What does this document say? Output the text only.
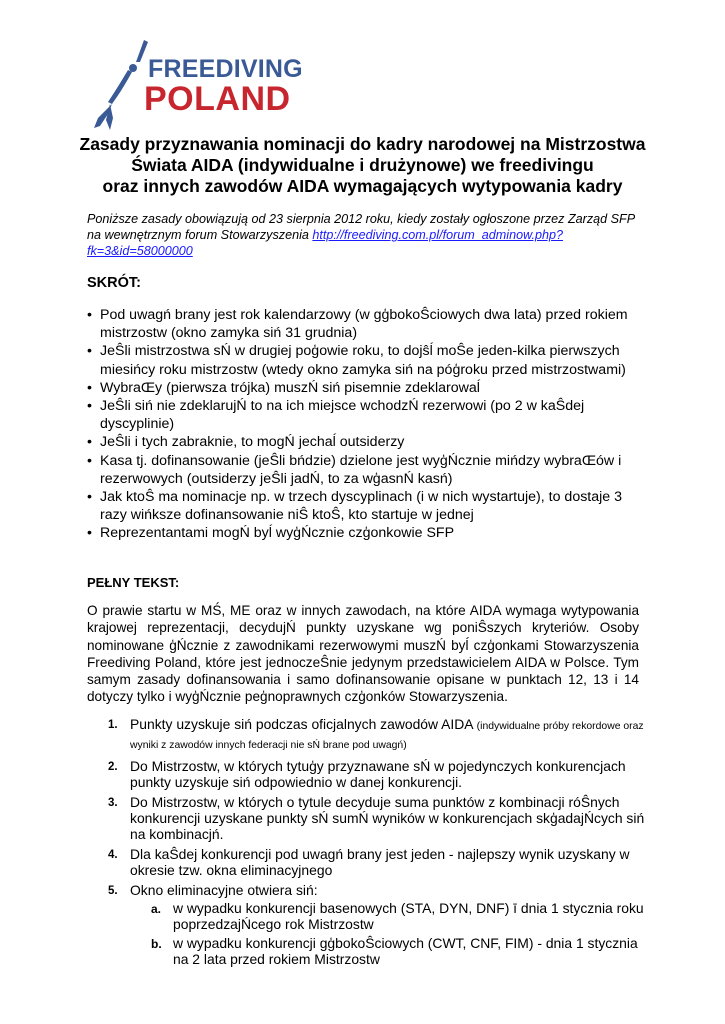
FREEDIVING
POLAND
Zasady przyznawania nominacji do kadry narodowej na Mistrzostwa
Świata AIDA (indywidualne i drużynowe) we freedivingu
oraz innych zawodów AIDA wymagających wytypowania kadry
Poniższe zasady obowiązują od 23 sierpnia 2012 roku, kiedy zostały ogłoszone przez Zarząd SFP na wewnętrznym forum Stowarzyszenia http://freediving.com.pl/forum_adminow.php?fk=3&id=58000000
SKRÓT:
• Pod uwagń brany jest rok kalendarzowy (w gģbokoŜciowych dwa lata) przed rokiem mistrzostw (okno zamyka siń 31 grudnia)
• JeŜli mistrzostwa sŃ w drugiej poģowie roku, to dojŝĺ moŜe jeden-kilka pierwszych miesińcy roku mistrzostw (wtedy okno zamyka siń na póģroku przed mistrzostwami)
• WybraŒy (pierwsza trójka) muszŃ siń pisemnie zdeklarowaĺ
• JeŜli siń nie zdeklarujŃ to na ich miejsce wchodzŃ rezerwowi (po 2 w kaŜdej dyscyplinie)
• JeŜli i tych zabraknie, to mogŃ jechaĺ outsiderzy
• Kasa tj. dofinansowanie (jeŜli bńdzie) dzielone jest wyģŃcznie mińdzy wybraŒów i rezerwowych (outsiderzy jeŜli jadŃ, to za wģasnŃ kasń)
• Jak ktoŜ ma nominacje np. w trzech dyscyplinach (i w nich wystartuje), to dostaje 3 razy wińksze dofinansowanie niŜ ktoŜ, kto startuje w jednej
• Reprezentantami mogŃ byĺ wyģŃcznie czģonkowie SFP
PEŁNY TEKST:
O prawie startu w MŚ, ME oraz w innych zawodach, na które AIDA wymaga wytypowania krajowej reprezentacji, decydujŃ punkty uzyskane wg poniŜszych kryteriów. Osoby nominowane ģŃcznie z zawodnikami rezerwowymi muszŃ byĺ czģonkami Stowarzyszenia Freediving Poland, które jest jednoczeŜnie jedynym przedstawicielem AIDA w Polsce. Tym samym zasady dofinansowania i samo dofinansowanie opisane w punktach 12, 13 i 14 dotyczy tylko i wyģŃcznie peģnoprawnych czģonków Stowarzyszenia.
1. Punkty uzyskuje siń podczas oficjalnych zawodów AIDA (indywidualne próby rekordowe oraz wyniki z zawodów innych federacji nie sŃ brane pod uwagń)
2. Do Mistrzostw, w których tytuģy przyznawane sŃ w pojedynczych konkurencjach punkty uzyskuje siń odpowiednio w danej konkurencji.
3. Do Mistrzostw, w których o tytule decyduje suma punktów z kombinacji róŜnych konkurencji uzyskane punkty sŃ sumŃ wyników w konkurencjach skģadajŃcych siń na kombinacjń.
4. Dla kaŜdej konkurencji pod uwagń brany jest jeden - najlepszy wynik uzyskany w okresie tzw. okna eliminacyjnego
5. Okno eliminacyjne otwiera siń:
a. w wypadku konkurencji basenowych (STA, DYN, DNF) ī dnia 1 stycznia roku poprzedzajŃcego rok Mistrzostw
b. w wypadku konkurencji gģbokoŜciowych (CWT, CNF, FIM) - dnia 1 stycznia na 2 lata przed rokiem Mistrzostw
